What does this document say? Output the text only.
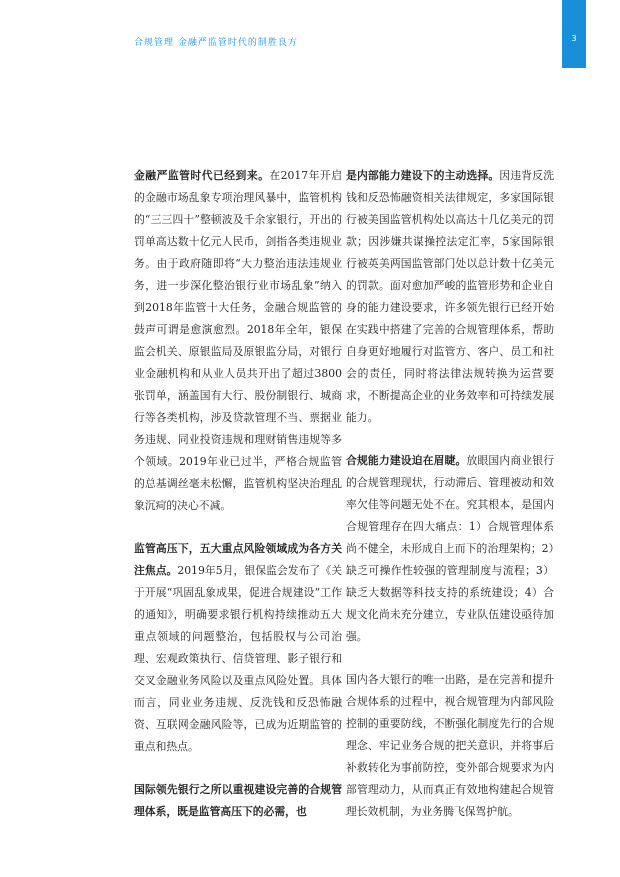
3
合规管理 金融严监管时代的制胜良方

金融严监管时代已经到来。在2017年开启的金融市场乱象专项治理风暴中，监管机构的“三三四十”整顿波及千余家银行，开出的罚单高达数十亿元人民币，剑指各类违规业务。由于政府随即将“大力整治违法违规业务，进一步深化整治银行业市场乱象”纳入到2018年监管十大任务，金融合规监管的鼓声可谓是愈演愈烈。2018年全年，银保监会机关、原银监局及原银监分局，对银行业金融机构和从业人员共开出了超过3800张罚单，涵盖国有大行、股份制银行、城商行等各类机构，涉及贷款管理不当、票据业务违规、同业投资违规和理财销售违规等多个领域。2019年业已过半，严格合规监管的总基调丝毫未松懈，监管机构坚决治理乱象沉疴的决心不减。

监管高压下，五大重点风险领域成为各方关注焦点。2019年5月，银保监会发布了《关于开展“巩固乱象成果，促进合规建设”工作的通知》，明确要求银行机构持续推动五大重点领域的问题整治，包括股权与公司治理、宏观政策执行、信贷管理、影子银行和交叉金融业务风险以及重点风险处置。具体而言，同业业务违规、反洗钱和反恐怖融资、互联网金融风险等，已成为近期监管的重点和热点。

国际领先银行之所以重视建设完善的合规管理体系，既是监管高压下的必需，也

是内部能力建设下的主动选择。因违背反洗钱和反恐怖融资相关法律规定，多家国际银行被美国监管机构处以高达十几亿美元的罚款；因涉嫌共谋操控法定汇率，5家国际银行被英美两国监管部门处以总计数十亿美元的罚款。面对愈加严峻的监管形势和企业自身的能力建设要求，许多领先银行已经开始在实践中搭建了完善的合规管理体系，帮助自身更好地履行对监管方、客户、员工和社会的责任，同时将法律法规转换为运营要求，不断提高企业的业务效率和可持续发展能力。

合规能力建设迫在眉睫。放眼国内商业银行的合规管理现状，行动滞后、管理被动和效率欠佳等问题无处不在。究其根本，是国内合规管理存在四大痛点：1）合规管理体系尚不健全，未形成自上而下的治理架构；2）缺乏可操作性较强的管理制度与流程；3）缺乏大数据等科技支持的系统建设；4）合规文化尚未充分建立，专业队伍建设亟待加强。

国内各大银行的唯一出路，是在完善和提升合规体系的过程中，视合规管理为内部风险控制的重要防线，不断强化制度先行的合规理念、牢记业务合规的把关意识，并将事后补救转化为事前防控，变外部合规要求为内部管理动力，从而真正有效地构建起合规管理长效机制，为业务腾飞保驾护航。
